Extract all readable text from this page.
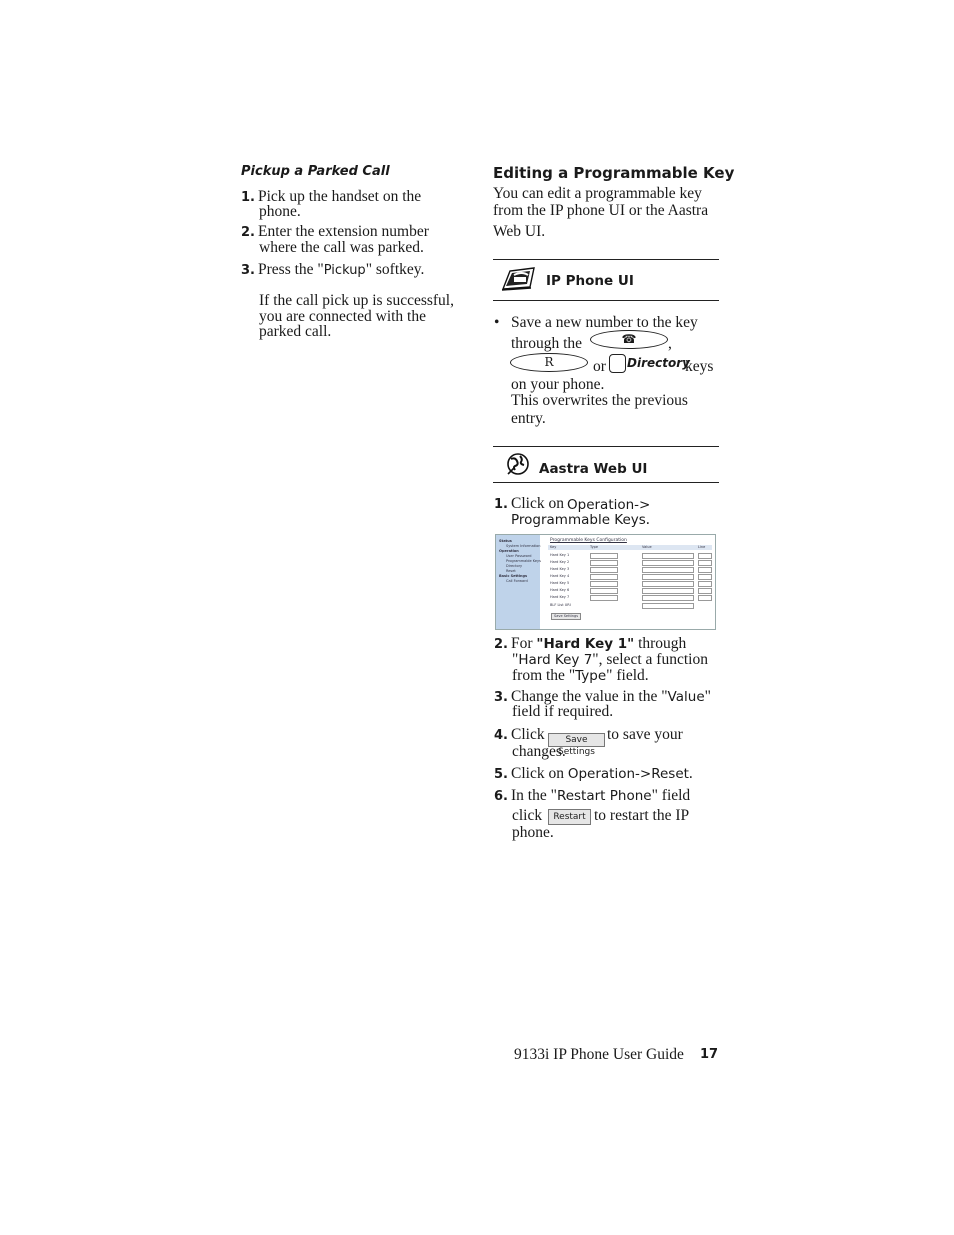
Pickup a Parked Call
1. Pick up the handset on the
phone.
2. Enter the extension number
where the call was parked.
3. Press the "Pickup" softkey.
If the call pick up is successful,
you are connected with the
parked call.
Editing a Programmable Key
You can edit a programmable key
from the IP phone UI or the Aastra
Web UI.
IP Phone UI
• Save a new number to the key
through the	☎	,
R	or Directory
keys
on your phone.
This overwrites the previous
entry.
Aastra Web UI
1. Click on Operation->
Programmable Keys.
Status
System Information
Operation
User Password
Programmable Keys
Directory
Reset
Basic Settings
Call Forward
Programmable Keys Configuration
Key	Type	Value	Line
Hard Key 1
Hard Key 2
Hard Key 3
Hard Key 4
Hard Key 5
Hard Key 6
Hard Key 7
BLF List URI
Save Settings
2. For "Hard Key 1" through
"Hard Key 7", select a function
from the "Type" field.
3. Change the value in the "Value"
field if required.
4. Click	Save Settings
to save your
changes.
5. Click on Operation->Reset.
6. In the "Restart Phone" field
click	Restart to restart the IP
phone.
9133i IP Phone User Guide 17
